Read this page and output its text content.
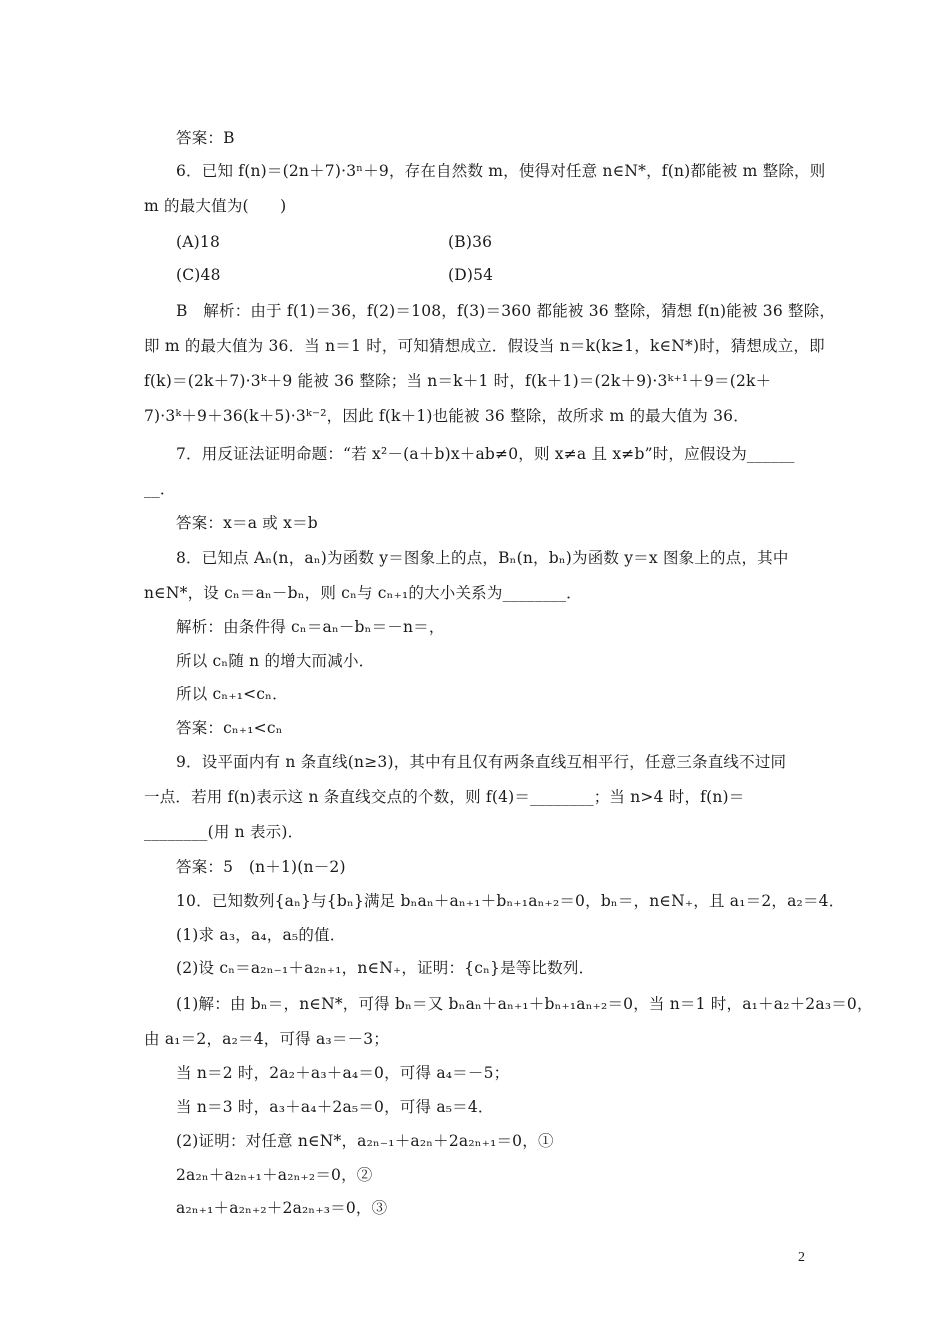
答案：B
6．已知 f(n)＝(2n＋7)·3ⁿ＋9，存在自然数 m，使得对任意 n∈N*，f(n)都能被 m 整除，则
m 的最大值为(　　)
(A)18	(B)36
(C)48	(D)54
B　解析：由于 f(1)＝36，f(2)＝108，f(3)＝360 都能被 36 整除，猜想 f(n)能被 36 整除，
即 m 的最大值为 36．当 n＝1 时，可知猜想成立．假设当 n＝k(k≥1，k∈N*)时，猜想成立，即
f(k)＝(2k＋7)·3ᵏ＋9 能被 36 整除；当 n＝k＋1 时，f(k＋1)＝(2k＋9)·3ᵏ⁺¹＋9＝(2k＋
7)·3ᵏ＋9＋36(k＋5)·3ᵏ⁻²，因此 f(k＋1)也能被 36 整除，故所求 m 的最大值为 36．
7．用反证法证明命题：“若 x²－(a＋b)x＋ab≠0，则 x≠a 且 x≠b”时，应假设为______
__．
答案：x＝a 或 x＝b
8．已知点 Aₙ(n，aₙ)为函数 y＝图象上的点，Bₙ(n，bₙ)为函数 y＝x 图象上的点，其中
n∈N*，设 cₙ＝aₙ－bₙ，则 cₙ与 cₙ₊₁的大小关系为________．
解析：由条件得 cₙ＝aₙ－bₙ＝－n＝，
所以 cₙ随 n 的增大而减小．
所以 cₙ₊₁<cₙ．
答案：cₙ₊₁<cₙ
9．设平面内有 n 条直线(n≥3)，其中有且仅有两条直线互相平行，任意三条直线不过同
一点．若用 f(n)表示这 n 条直线交点的个数，则 f(4)＝________；当 n>4 时，f(n)＝
________(用 n 表示)．
答案：5　(n＋1)(n－2)
10．已知数列{aₙ}与{bₙ}满足 bₙaₙ＋aₙ₊₁＋bₙ₊₁aₙ₊₂＝0，bₙ＝，n∈N₊，且 a₁＝2，a₂＝4．
(1)求 a₃，a₄，a₅的值．
(2)设 cₙ＝a₂ₙ₋₁＋a₂ₙ₊₁，n∈N₊，证明：{cₙ}是等比数列．
(1)解：由 bₙ＝，n∈N*，可得 bₙ＝又 bₙaₙ＋aₙ₊₁＋bₙ₊₁aₙ₊₂＝0，当 n＝1 时，a₁＋a₂＋2a₃＝0，
由 a₁＝2，a₂＝4，可得 a₃＝－3；
当 n＝2 时，2a₂＋a₃＋a₄＝0，可得 a₄＝－5；
当 n＝3 时，a₃＋a₄＋2a₅＝0，可得 a₅＝4．
(2)证明：对任意 n∈N*，a₂ₙ₋₁＋a₂ₙ＋2a₂ₙ₊₁＝0，①
2a₂ₙ＋a₂ₙ₊₁＋a₂ₙ₊₂＝0，②
a₂ₙ₊₁＋a₂ₙ₊₂＋2a₂ₙ₊₃＝0，③
2
